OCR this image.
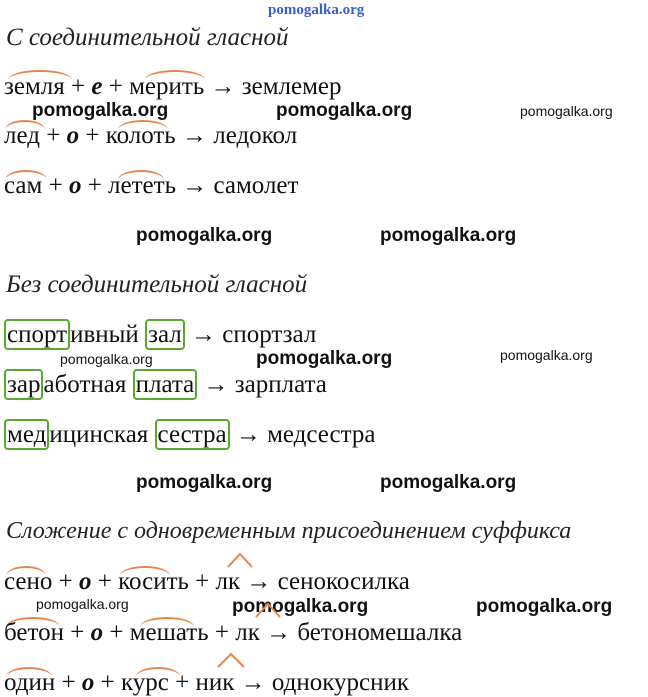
pomogalka.org
С соединительной гласной
земля + е + мерить → землемер
pomogalka.org	pomogalka.org	pomogalka.org
лед + о + колоть → ледокол
сам + о + лететь → самолет
pomogalka.org	pomogalka.org
Без соединительной гласной
спорт ивный зал → спортзал
pomogalka.org	pomogalka.org	pomogalka.org
зар аботная плата → зарплата
мед ицинская сестра → медсестра
pomogalka.org	pomogalka.org
Сложение с одновременным присоединением суффикса
сено + о + косить + лк → сенокосилка
pomogalka.org	pomogalka.org	pomogalka.org
бетон + о + мешать + лк → бетономешалка
один + о + курс + ник → однокурсник
